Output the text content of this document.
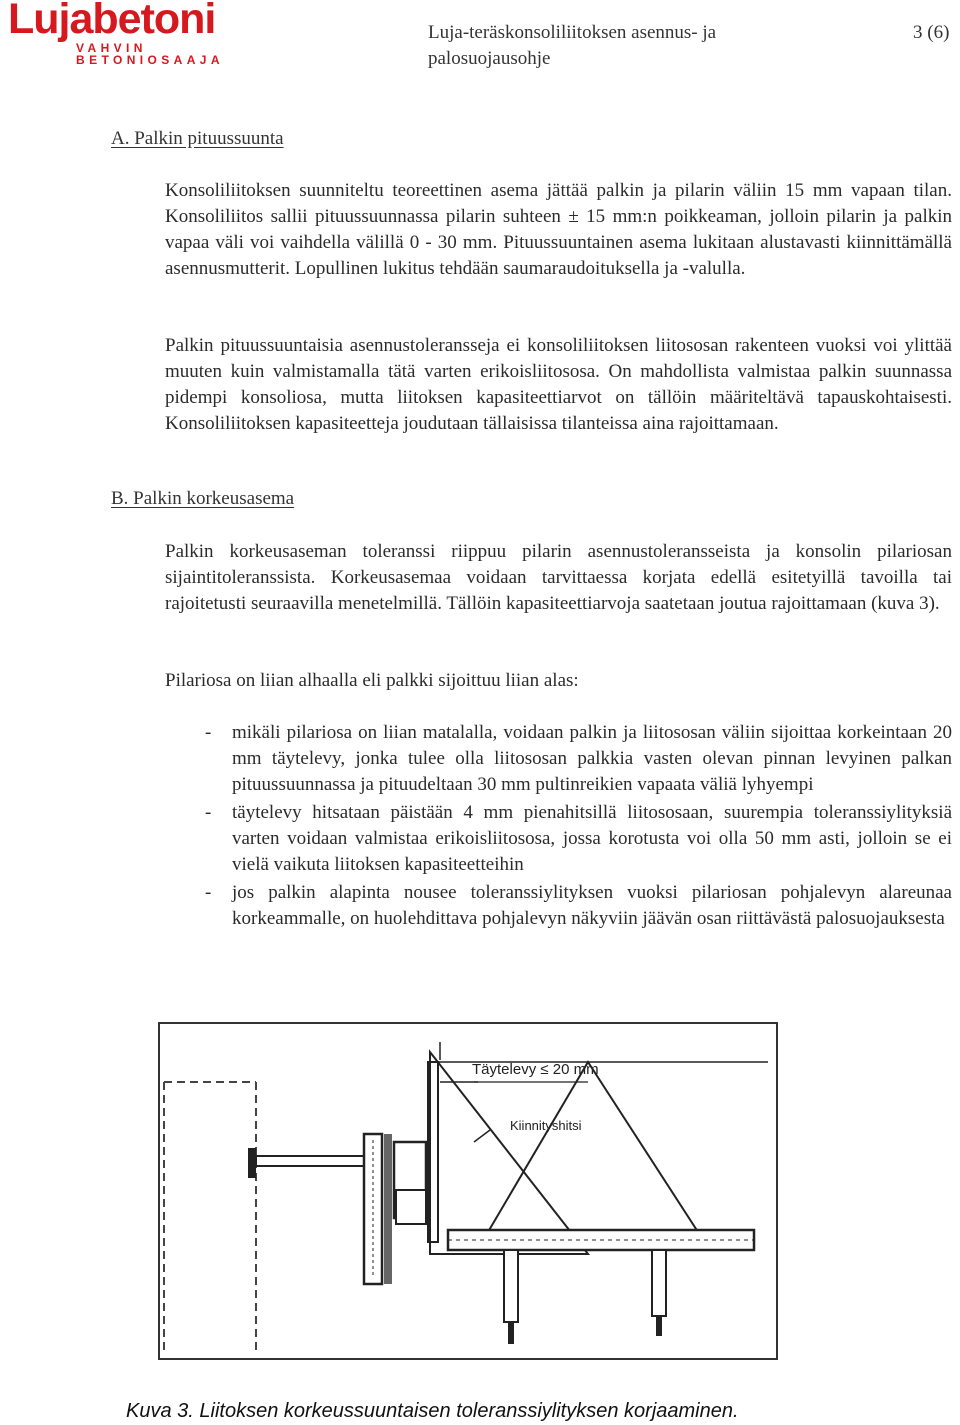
Lujabetoni
VAHVIN BETONIOSAAJA
Luja-teräskonsoliliitoksen asennus- ja palosuojausohje
3 (6)
A. Palkin pituussuunta

Konsoliliitoksen suunniteltu teoreettinen asema jättää palkin ja pilarin väliin 15 mm vapaan tilan. Konsoliliitos sallii pituussuunnassa pilarin suhteen ± 15 mm:n poikkeaman, jolloin pilarin ja palkin vapaa väli voi vaihdella välillä 0 - 30 mm. Pituussuuntainen asema lukitaan alustavasti kiinnittämällä asennusmutterit. Lopullinen lukitus tehdään saumaraudoituksella ja -valulla.

Palkin pituussuuntaisia asennustoleransseja ei konsoliliitoksen liitososan rakenteen vuoksi voi ylittää muuten kuin valmistamalla tätä varten erikoisliitososa. On mahdollista valmistaa palkin suunnassa pidempi konsoliosa, mutta liitoksen kapasiteettiarvot on tällöin määriteltävä tapauskohtaisesti. Konsoliliitoksen kapasiteetteja joudutaan tällaisissa tilanteissa aina rajoittamaan.

B. Palkin korkeusasema

Palkin korkeusaseman toleranssi riippuu pilarin asennustoleransseista ja konsolin pilariosan sijaintitoleranssista. Korkeusasemaa voidaan tarvittaessa korjata edellä esitetyillä tavoilla tai rajoitetusti seuraavilla menetelmillä. Tällöin kapasiteettiarvoja saatetaan joutua rajoittamaan (kuva 3).

Pilariosa on liian alhaalla eli palkki sijoittuu liian alas:

- mikäli pilariosa on liian matalalla, voidaan palkin ja liitososan väliin sijoittaa korkeintaan 20 mm täytelevy, jonka tulee olla liitososan palkkia vasten olevan pinnan levyinen palkan pituussuunnassa ja pituudeltaan 30 mm pultinreikien vapaata väliä lyhyempi
- täytelevy hitsataan päistään 4 mm pienahitsillä liitososaan, suurempia toleranssiylityksiä varten voidaan valmistaa erikoisliitososa, jossa korotusta voi olla 50 mm asti, jolloin se ei vielä vaikuta liitoksen kapasiteetteihin
- jos palkin alapinta nousee toleranssiylityksen vuoksi pilariosan pohjalevyn alareunaa korkeammalle, on huolehdittava pohjalevyn näkyviin jäävän osan riittävästä palosuojauksesta
Täytelevy ≤ 20 mm
Kiinnityshitsi
Kuva 3. Liitoksen korkeussuuntaisen toleranssiylityksen korjaaminen.
